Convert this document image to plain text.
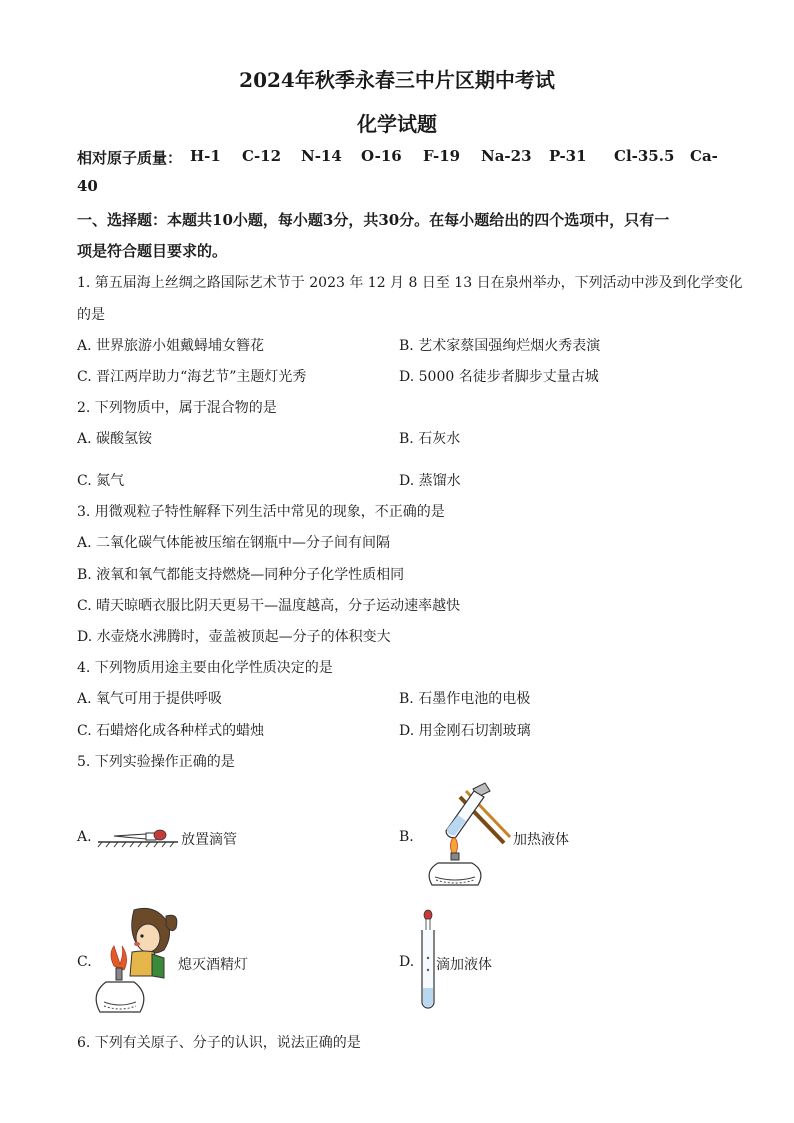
2024年秋季永春三中片区期中考试
化学试题
相对原子质量： H-1 C-12 N-14 O-16 F-19 Na-23 P-31 Cl-35.5 Ca-
40
一、选择题：本题共10小题，每小题3分，共30分。在每小题给出的四个选项中，只有一
项是符合题目要求的。
1. 第五届海上丝绸之路国际艺术节于 2023 年 12 月 8 日至 13 日在泉州举办，下列活动中涉及到化学变化
的是
A. 世界旅游小姐戴蟳埔女簪花	B. 艺术家蔡国强绚烂烟火秀表演
C. 晋江两岸助力“海艺节”主题灯光秀	D. 5000 名徒步者脚步丈量古城
2. 下列物质中，属于混合物的是
A. 碳酸氢铵	B. 石灰水
C. 氮气	D. 蒸馏水
3. 用微观粒子特性解释下列生活中常见的现象，不正确的是
A. 二氧化碳气体能被压缩在钢瓶中—分子间有间隔
B. 液氧和氧气都能支持燃烧—同种分子化学性质相同
C. 晴天晾晒衣服比阴天更易干—温度越高，分子运动速率越快
D. 水壶烧水沸腾时，壶盖被顶起—分子的体积变大
4. 下列物质用途主要由化学性质决定的是
A. 氧气可用于提供呼吸	B. 石墨作电池的电极
C. 石蜡熔化成各种样式的蜡烛	D. 用金刚石切割玻璃
5. 下列实验操作正确的是
A.	放置滴管	B.	加热液体
C.	熄灭酒精灯	D. 滴加液体
6. 下列有关原子、分子的认识，说法正确的是
